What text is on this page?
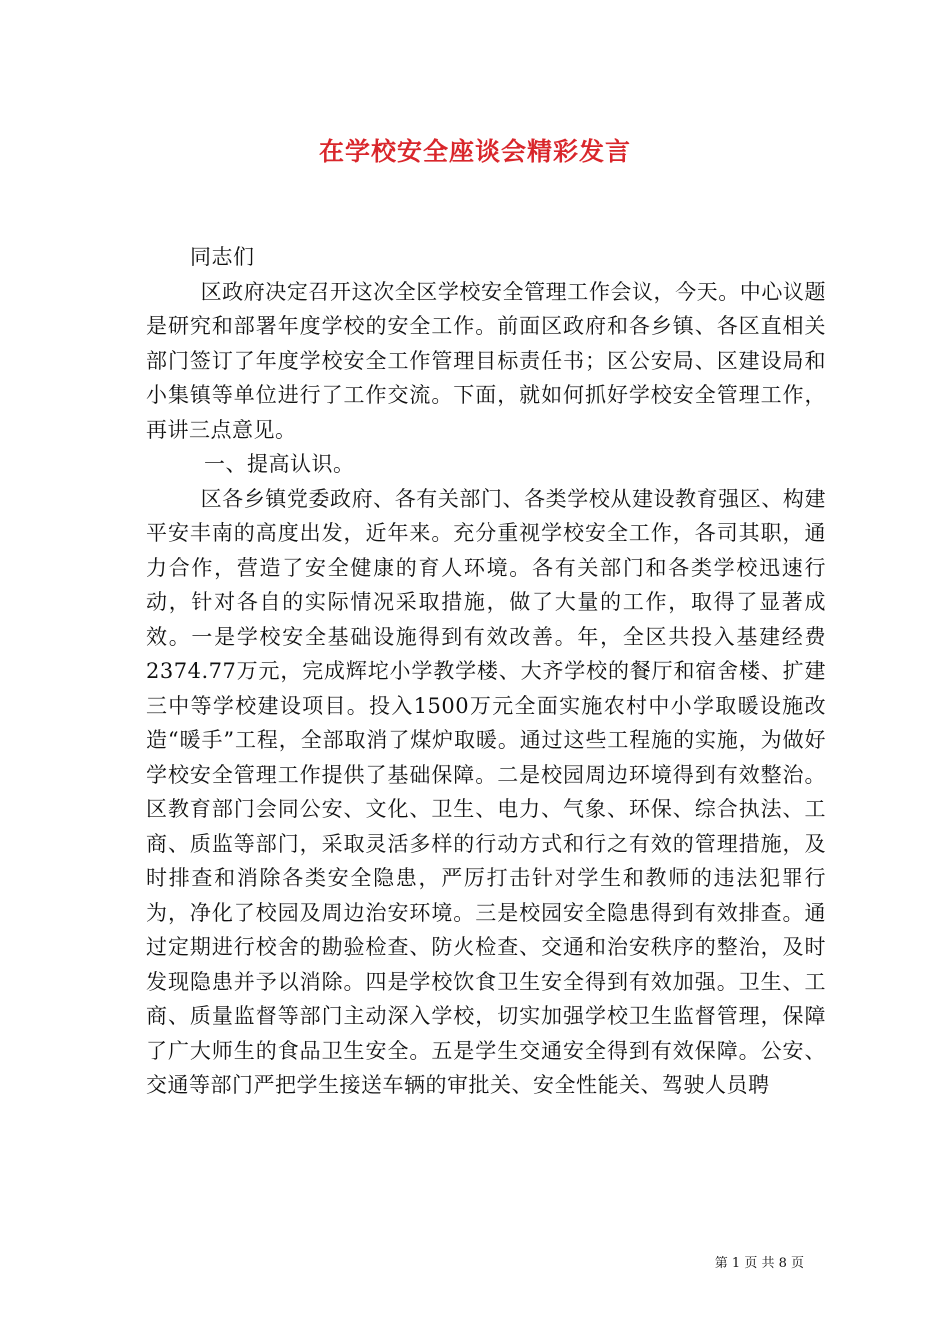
在学校安全座谈会精彩发言

同志们

区政府决定召开这次全区学校安全管理工作会议，今天。中心议题是研究和部署年度学校的安全工作。前面区政府和各乡镇、各区直相关部门签订了年度学校安全工作管理目标责任书；区公安局、区建设局和小集镇等单位进行了工作交流。下面，就如何抓好学校安全管理工作，再讲三点意见。

一、提高认识。

区各乡镇党委政府、各有关部门、各类学校从建设教育强区、构建平安丰南的高度出发，近年来。充分重视学校安全工作，各司其职，通力合作，营造了安全健康的育人环境。各有关部门和各类学校迅速行动，针对各自的实际情况采取措施，做了大量的工作，取得了显著成效。一是学校安全基础设施得到有效改善。年，全区共投入基建经费2374.77万元，完成辉坨小学教学楼、大齐学校的餐厅和宿舍楼、扩建三中等学校建设项目。投入1500万元全面实施农村中小学取暖设施改造“暖手”工程，全部取消了煤炉取暖。通过这些工程施的实施，为做好学校安全管理工作提供了基础保障。二是校园周边环境得到有效整治。区教育部门会同公安、文化、卫生、电力、气象、环保、综合执法、工商、质监等部门，采取灵活多样的行动方式和行之有效的管理措施，及时排查和消除各类安全隐患，严厉打击针对学生和教师的违法犯罪行为，净化了校园及周边治安环境。三是校园安全隐患得到有效排查。通过定期进行校舍的勘验检查、防火检查、交通和治安秩序的整治，及时发现隐患并予以消除。四是学校饮食卫生安全得到有效加强。卫生、工商、质量监督等部门主动深入学校，切实加强学校卫生监督管理，保障了广大师生的食品卫生安全。五是学生交通安全得到有效保障。公安、交通等部门严把学生接送车辆的审批关、安全性能关、驾驶人员聘

第 1 页 共 8 页
